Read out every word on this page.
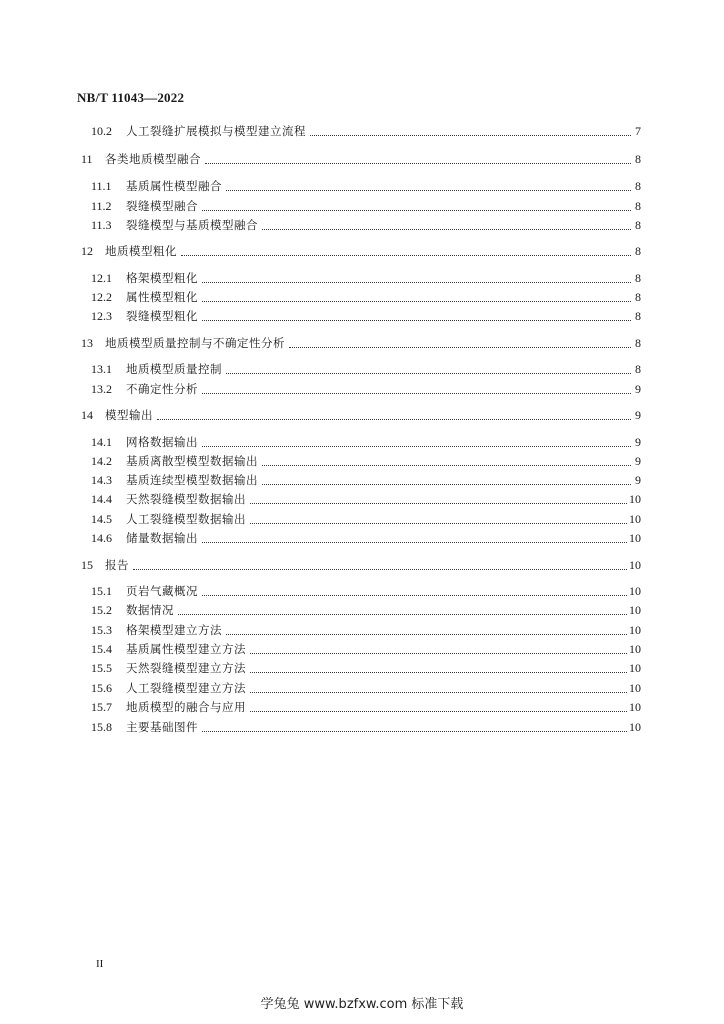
NB/T 11043—2022
10.2	人工裂缝扩展模拟与模型建立流程	7
11	各类地质模型融合	8
11.1	基质属性模型融合	8
11.2	裂缝模型融合	8
11.3	裂缝模型与基质模型融合	8
12	地质模型粗化	8
12.1	格架模型粗化	8
12.2	属性模型粗化	8
12.3	裂缝模型粗化	8
13	地质模型质量控制与不确定性分析	8
13.1	地质模型质量控制	8
13.2	不确定性分析	9
14	模型输出	9
14.1	网格数据输出	9
14.2	基质离散型模型数据输出	9
14.3	基质连续型模型数据输出	9
14.4	天然裂缝模型数据输出	10
14.5	人工裂缝模型数据输出	10
14.6	储量数据输出	10
15	报告	10
15.1	页岩气藏概况	10
15.2	数据情况	10
15.3	格架模型建立方法	10
15.4	基质属性模型建立方法	10
15.5	天然裂缝模型建立方法	10
15.6	人工裂缝模型建立方法	10
15.7	地质模型的融合与应用	10
15.8	主要基础图件	10
II
学兔兔 www.bzfxw.com 标准下载
